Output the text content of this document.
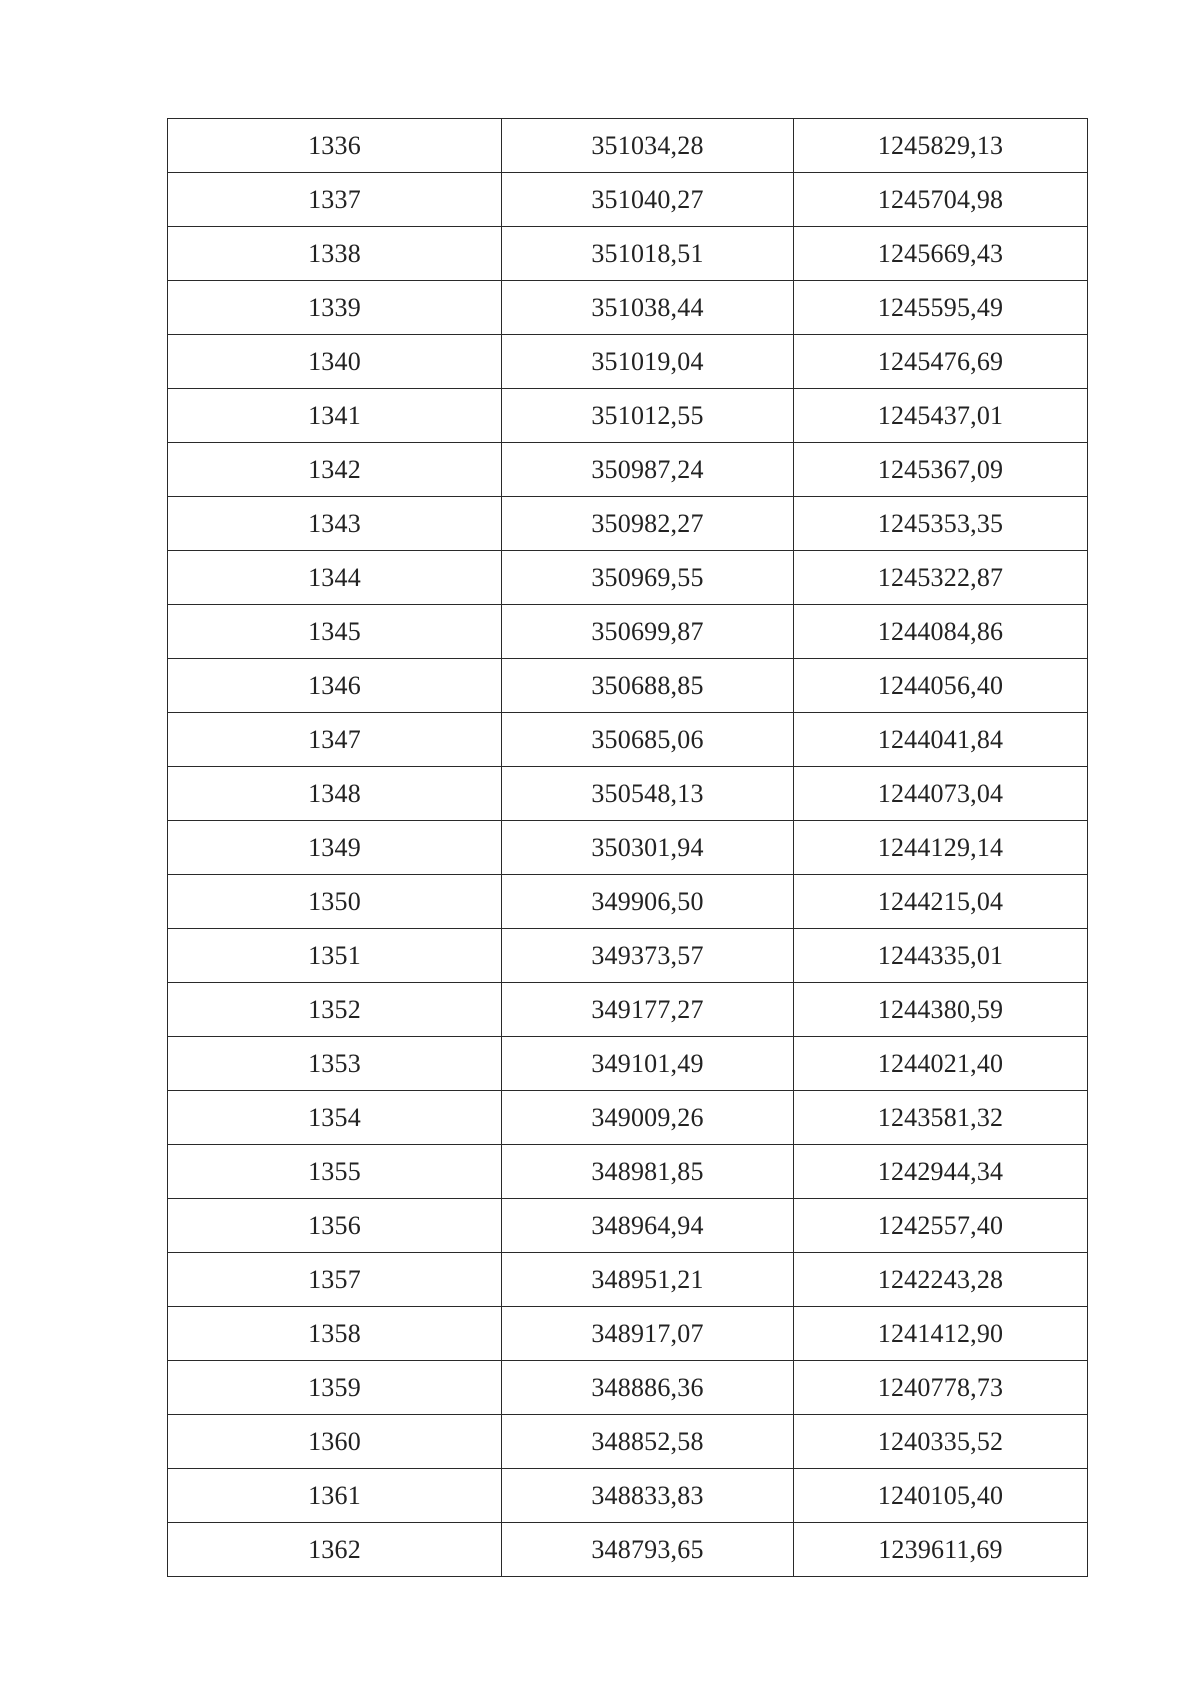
1336	351034,28	1245829,13
1337	351040,27	1245704,98
1338	351018,51	1245669,43
1339	351038,44	1245595,49
1340	351019,04	1245476,69
1341	351012,55	1245437,01
1342	350987,24	1245367,09
1343	350982,27	1245353,35
1344	350969,55	1245322,87
1345	350699,87	1244084,86
1346	350688,85	1244056,40
1347	350685,06	1244041,84
1348	350548,13	1244073,04
1349	350301,94	1244129,14
1350	349906,50	1244215,04
1351	349373,57	1244335,01
1352	349177,27	1244380,59
1353	349101,49	1244021,40
1354	349009,26	1243581,32
1355	348981,85	1242944,34
1356	348964,94	1242557,40
1357	348951,21	1242243,28
1358	348917,07	1241412,90
1359	348886,36	1240778,73
1360	348852,58	1240335,52
1361	348833,83	1240105,40
1362	348793,65	1239611,69
